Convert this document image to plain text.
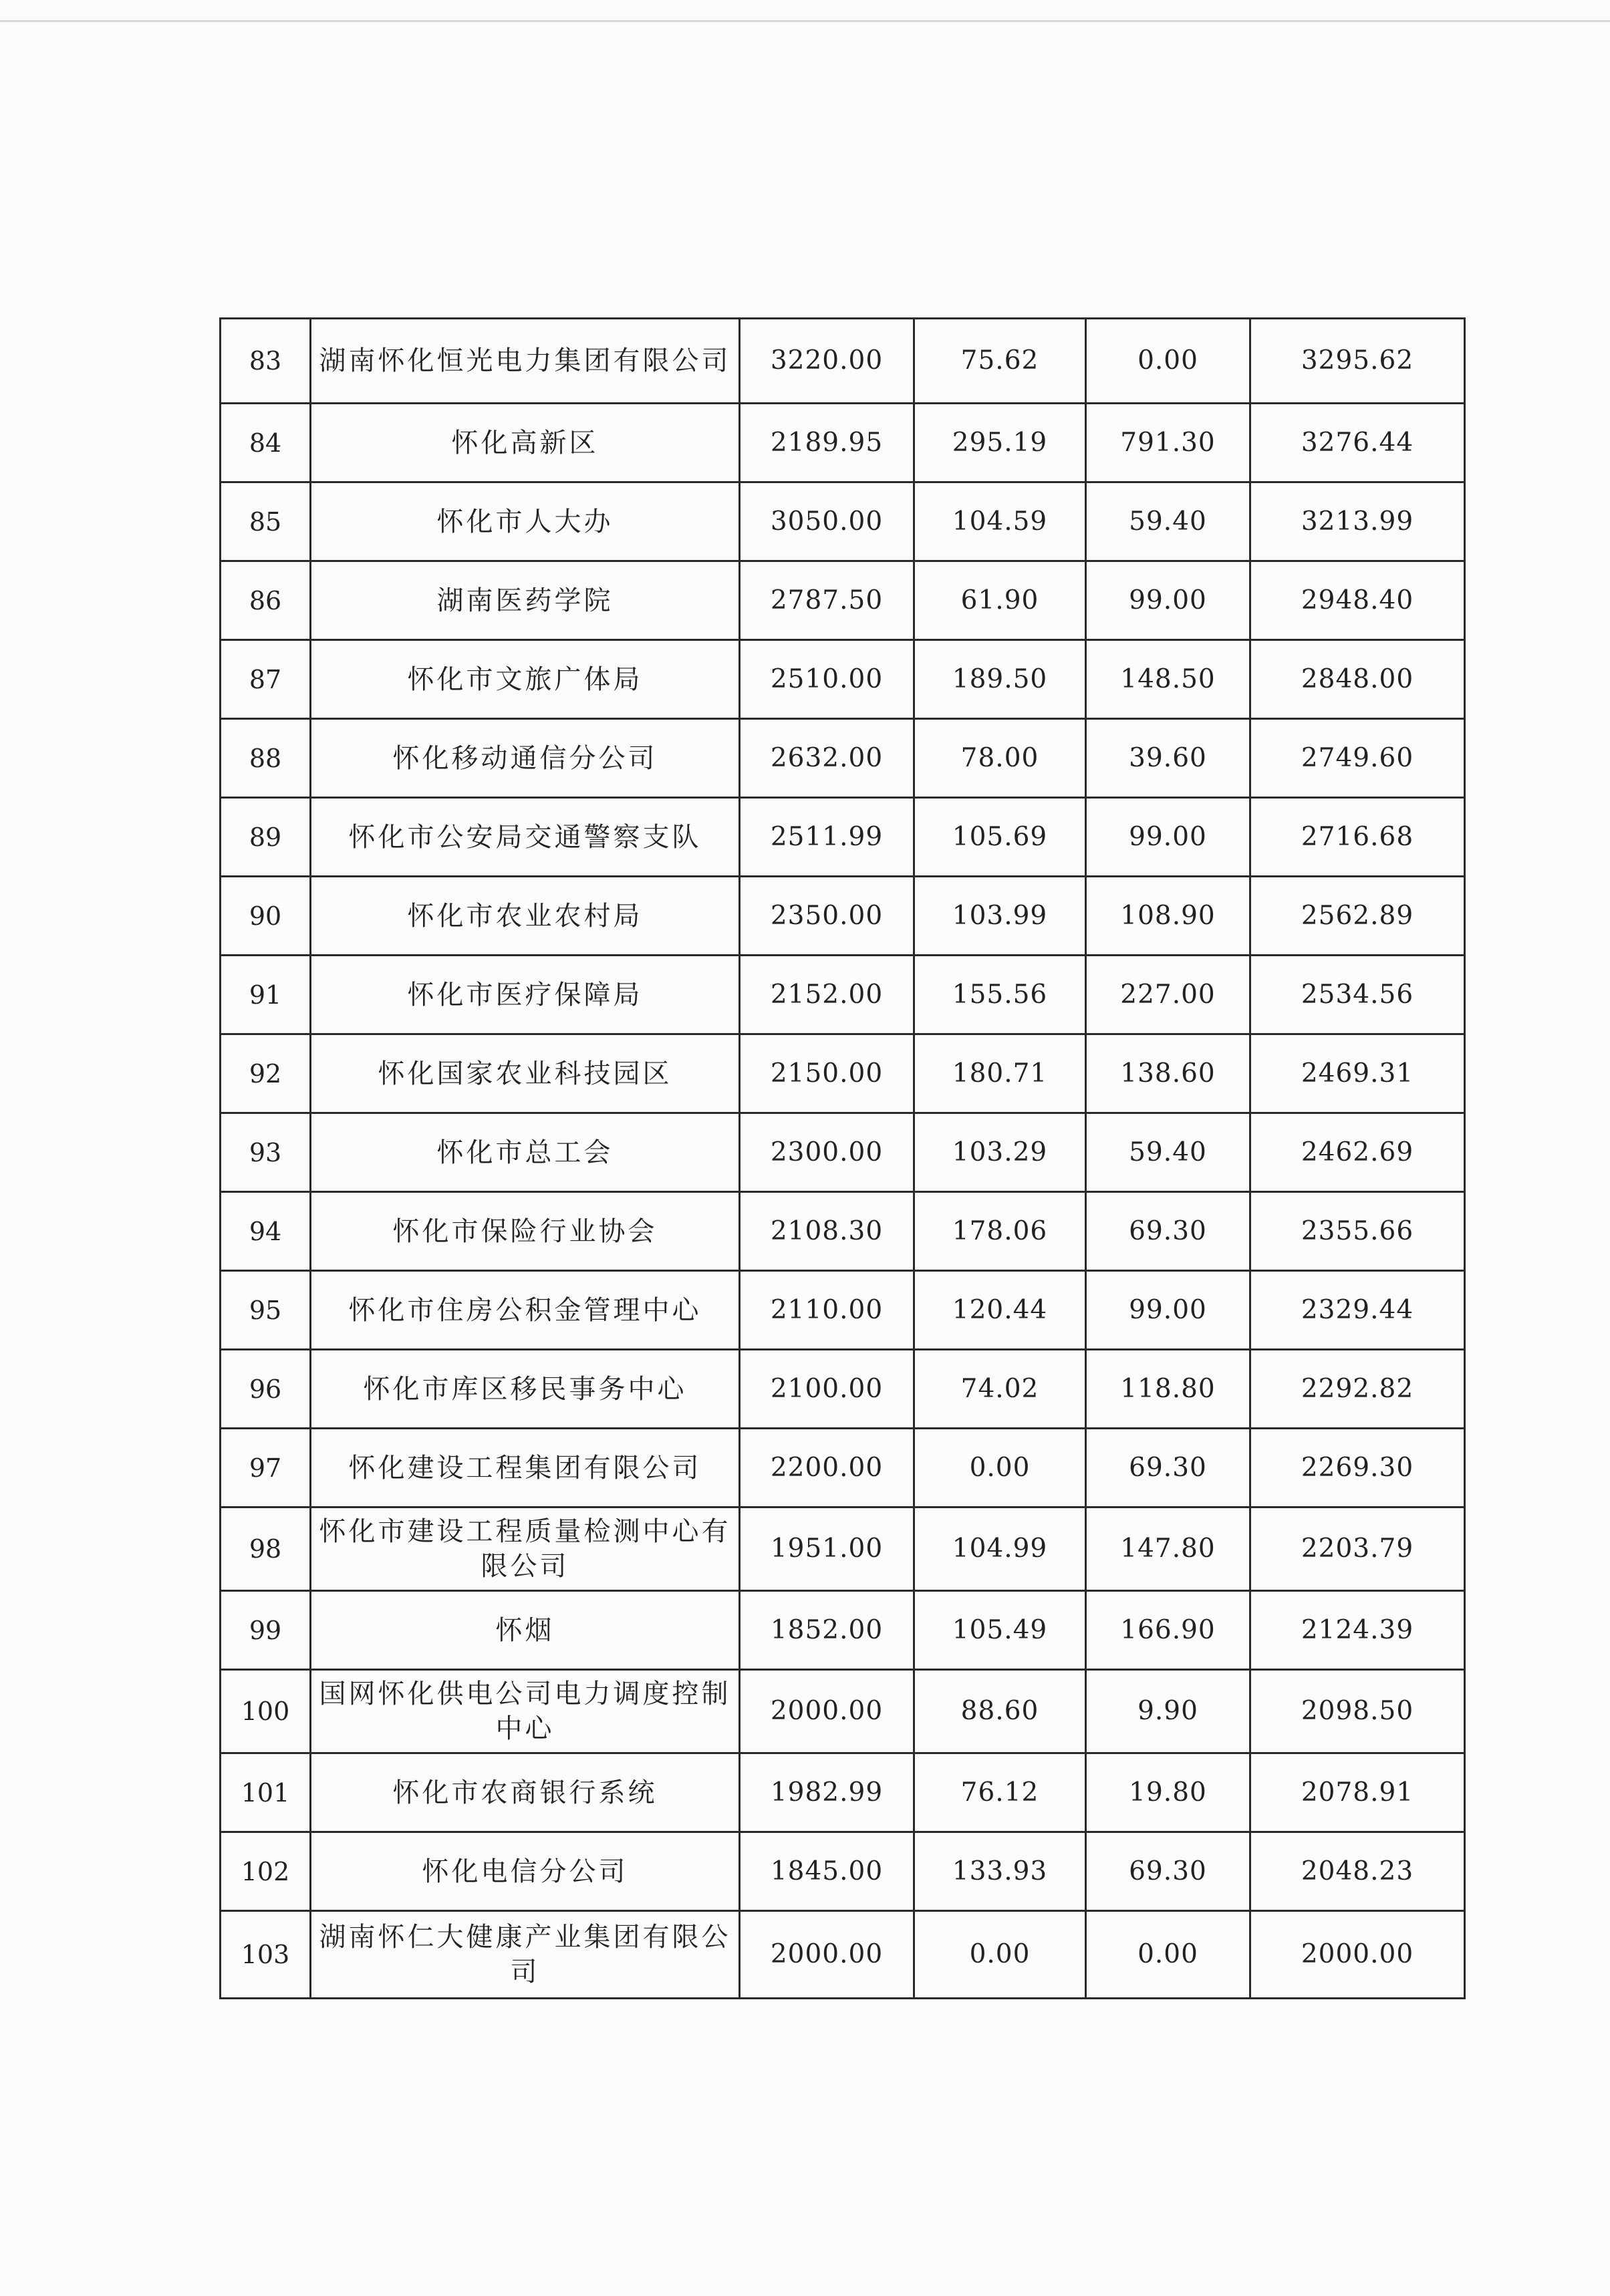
83	湖南怀化恒光电力集团有限公司	3220.00	75.62	0.00	3295.62
84	怀化高新区	2189.95	295.19	791.30	3276.44
85	怀化市人大办	3050.00	104.59	59.40	3213.99
86	湖南医药学院	2787.50	61.90	99.00	2948.40
87	怀化市文旅广体局	2510.00	189.50	148.50	2848.00
88	怀化移动通信分公司	2632.00	78.00	39.60	2749.60
89	怀化市公安局交通警察支队	2511.99	105.69	99.00	2716.68
90	怀化市农业农村局	2350.00	103.99	108.90	2562.89
91	怀化市医疗保障局	2152.00	155.56	227.00	2534.56
92	怀化国家农业科技园区	2150.00	180.71	138.60	2469.31
93	怀化市总工会	2300.00	103.29	59.40	2462.69
94	怀化市保险行业协会	2108.30	178.06	69.30	2355.66
95	怀化市住房公积金管理中心	2110.00	120.44	99.00	2329.44
96	怀化市库区移民事务中心	2100.00	74.02	118.80	2292.82
97	怀化建设工程集团有限公司	2200.00	0.00	69.30	2269.30
98	怀化市建设工程质量检测中心有限公司	1951.00	104.99	147.80	2203.79
99	怀烟	1852.00	105.49	166.90	2124.39
100	国网怀化供电公司电力调度控制中心	2000.00	88.60	9.90	2098.50
101	怀化市农商银行系统	1982.99	76.12	19.80	2078.91
102	怀化电信分公司	1845.00	133.93	69.30	2048.23
103	湖南怀仁大健康产业集团有限公司	2000.00	0.00	0.00	2000.00
